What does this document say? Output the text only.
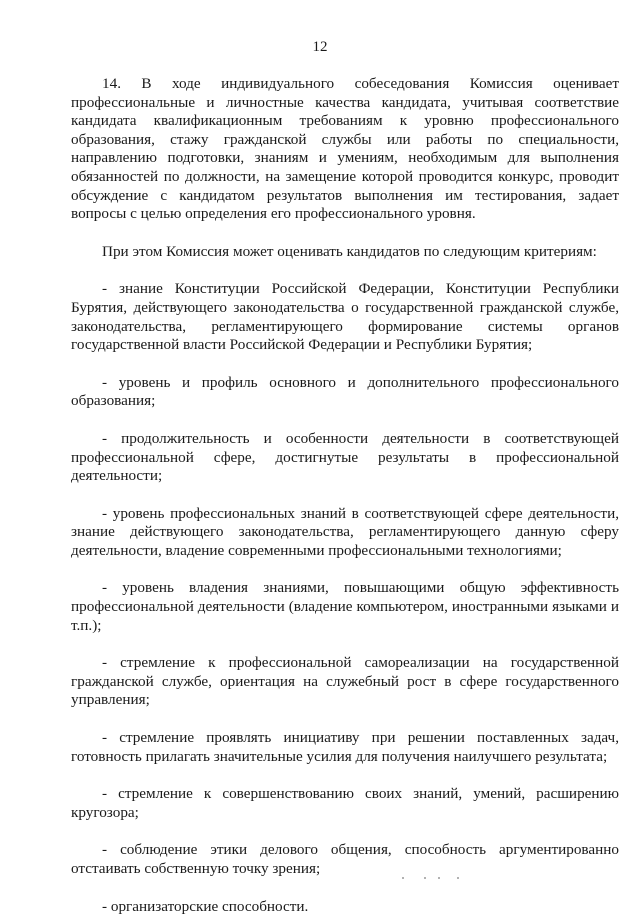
12

14. В ходе индивидуального собеседования Комиссия оценивает профессиональные и личностные качества кандидата, учитывая соответствие кандидата квалификационным требованиям к уровню профессионального образования, стажу гражданской службы или работы по специальности, направлению подготовки, знаниям и умениям, необходимым для выполнения обязанностей по должности, на замещение которой проводится конкурс, проводит обсуждение с кандидатом результатов выполнения им тестирования, задает вопросы с целью определения его профессионального уровня.

При этом Комиссия может оценивать кандидатов по следующим критериям:

- знание Конституции Российской Федерации, Конституции Республики Бурятия, действующего законодательства о государственной гражданской службе, законодательства, регламентирующего формирование системы органов государственной власти Российской Федерации и Республики Бурятия;

- уровень и профиль основного и дополнительного профессионального образования;

- продолжительность и особенности деятельности в соответствующей профессиональной сфере, достигнутые результаты в профессиональной деятельности;

- уровень профессиональных знаний в соответствующей сфере деятельности, знание действующего законодательства, регламентирующего данную сферу деятельности, владение современными профессиональными технологиями;

- уровень владения знаниями, повышающими общую эффективность профессиональной деятельности (владение компьютером, иностранными языками и т.п.);

- стремление к профессиональной самореализации на государственной гражданской службе, ориентация на служебный рост в сфере государственного управления;

- стремление проявлять инициативу при решении поставленных задач, готовность прилагать значительные усилия для получения наилучшего результата;

- стремление к совершенствованию своих знаний, умений, расширению кругозора;

- соблюдение этики делового общения, способность аргументированно отстаивать собственную точку зрения;

- организаторские способности.
